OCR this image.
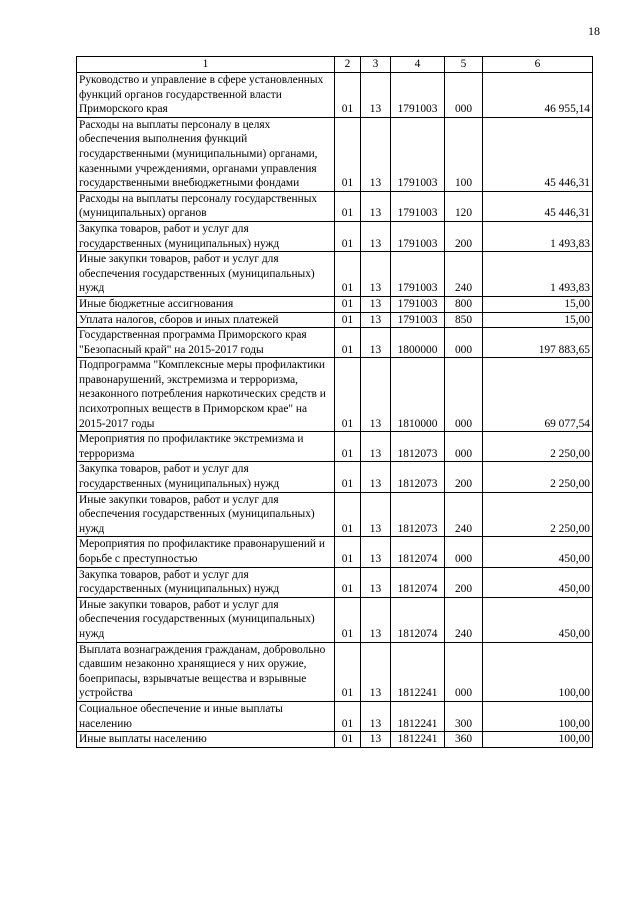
18
1	2	3	4	5	6
Руководство и управление в сфере установленных функций органов государственной власти Приморского края	01	13	1791003	000	46 955,14
Расходы на выплаты персоналу в целях обеспечения выполнения функций государственными (муниципальными) органами, казенными учреждениями, органами управления государственными внебюджетными фондами	01	13	1791003	100	45 446,31
Расходы на выплаты персоналу государственных (муниципальных) органов	01	13	1791003	120	45 446,31
Закупка товаров, работ и услуг для государственных (муниципальных) нужд	01	13	1791003	200	1 493,83
Иные закупки товаров, работ и услуг для обеспечения государственных (муниципальных) нужд	01	13	1791003	240	1 493,83
Иные бюджетные ассигнования	01	13	1791003	800	15,00
Уплата налогов, сборов и иных платежей	01	13	1791003	850	15,00
Государственная программа Приморского края "Безопасный край" на 2015-2017 годы	01	13	1800000	000	197 883,65
Подпрограмма "Комплексные меры профилактики правонарушений, экстремизма и терроризма, незаконного потребления наркотических средств и психотропных веществ в Приморском крае" на 2015-2017 годы	01	13	1810000	000	69 077,54
Мероприятия по профилактике экстремизма и терроризма	01	13	1812073	000	2 250,00
Закупка товаров, работ и услуг для государственных (муниципальных) нужд	01	13	1812073	200	2 250,00
Иные закупки товаров, работ и услуг для обеспечения государственных (муниципальных) нужд	01	13	1812073	240	2 250,00
Мероприятия по профилактике правонарушений и борьбе с преступностью	01	13	1812074	000	450,00
Закупка товаров, работ и услуг для государственных (муниципальных) нужд	01	13	1812074	200	450,00
Иные закупки товаров, работ и услуг для обеспечения государственных (муниципальных) нужд	01	13	1812074	240	450,00
Выплата вознаграждения гражданам, добровольно сдавшим незаконно хранящиеся у них оружие, боеприпасы, взрывчатые вещества и взрывные устройства	01	13	1812241	000	100,00
Социальное обеспечение и иные выплаты населению	01	13	1812241	300	100,00
Иные выплаты населению	01	13	1812241	360	100,00
